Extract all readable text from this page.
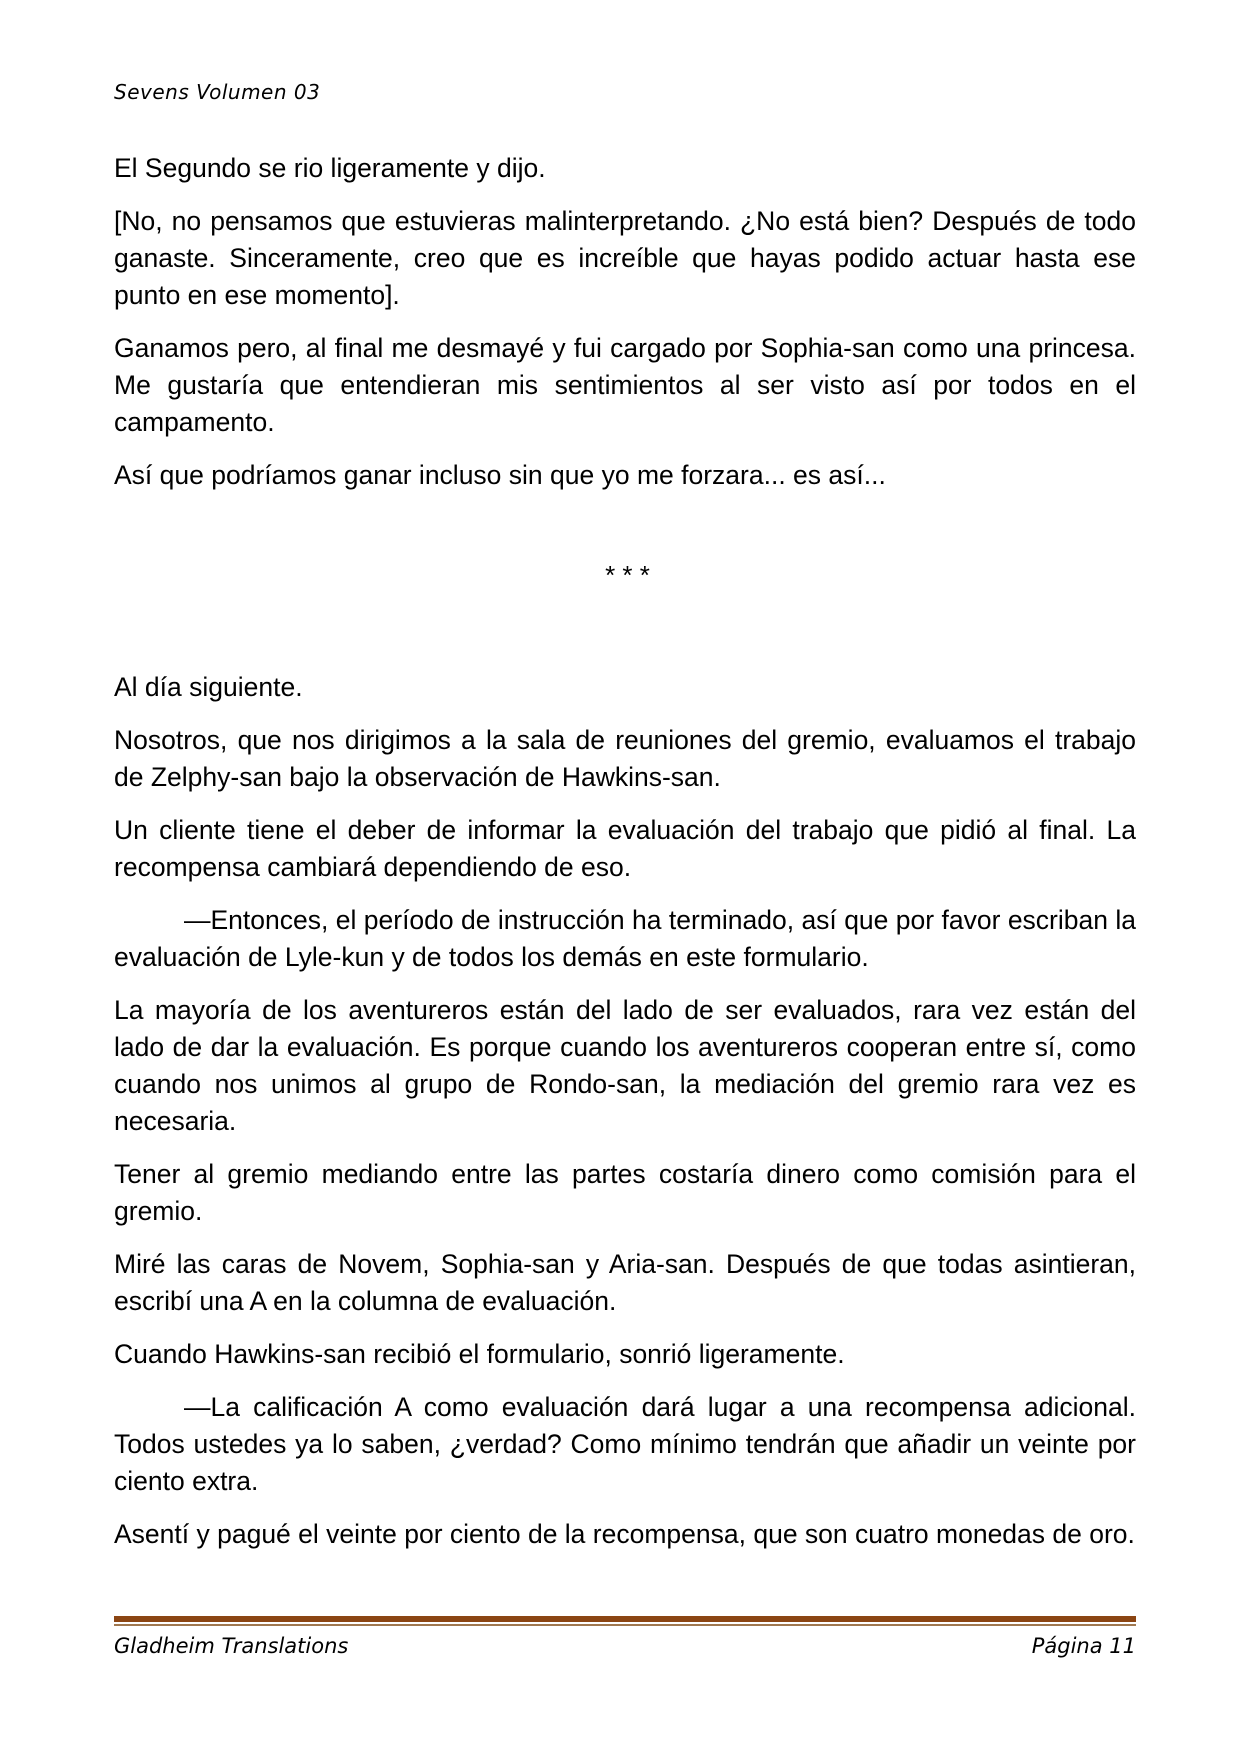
Sevens Volumen 03

El Segundo se rio ligeramente y dijo.

[No, no pensamos que estuvieras malinterpretando. ¿No está bien? Después de todo ganaste. Sinceramente, creo que es increíble que hayas podido actuar hasta ese punto en ese momento].

Ganamos pero, al final me desmayé y fui cargado por Sophia-san como una princesa. Me gustaría que entendieran mis sentimientos al ser visto así por todos en el campamento.

Así que podríamos ganar incluso sin que yo me forzara... es así...

* * *

Al día siguiente.

Nosotros, que nos dirigimos a la sala de reuniones del gremio, evaluamos el trabajo de Zelphy-san bajo la observación de Hawkins-san.

Un cliente tiene el deber de informar la evaluación del trabajo que pidió al final. La recompensa cambiará dependiendo de eso.

—Entonces, el período de instrucción ha terminado, así que por favor escriban la evaluación de Lyle-kun y de todos los demás en este formulario.

La mayoría de los aventureros están del lado de ser evaluados, rara vez están del lado de dar la evaluación. Es porque cuando los aventureros cooperan entre sí, como cuando nos unimos al grupo de Rondo-san, la mediación del gremio rara vez es necesaria.

Tener al gremio mediando entre las partes costaría dinero como comisión para el gremio.

Miré las caras de Novem, Sophia-san y Aria-san. Después de que todas asintieran, escribí una A en la columna de evaluación.

Cuando Hawkins-san recibió el formulario, sonrió ligeramente.

—La calificación A como evaluación dará lugar a una recompensa adicional. Todos ustedes ya lo saben, ¿verdad? Como mínimo tendrán que añadir un veinte por ciento extra.

Asentí y pagué el veinte por ciento de la recompensa, que son cuatro monedas de oro.

Gladheim Translations	Página 11
